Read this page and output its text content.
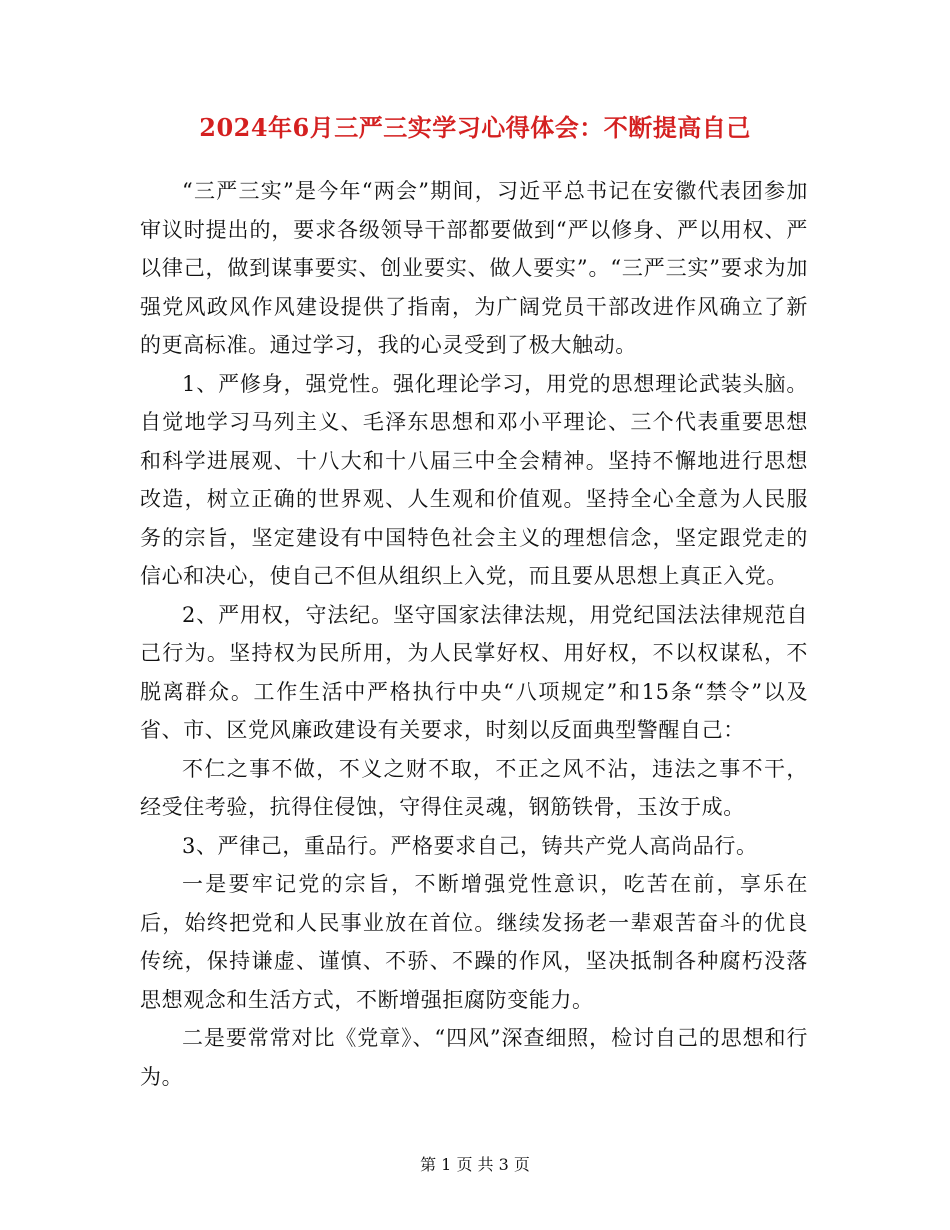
2024年6月三严三实学习心得体会：不断提高自己

“三严三实”是今年“两会”期间，习近平总书记在安徽代表团参加审议时提出的，要求各级领导干部都要做到“严以修身、严以用权、严以律己，做到谋事要实、创业要实、做人要实”。“三严三实”要求为加强党风政风作风建设提供了指南，为广阔党员干部改进作风确立了新的更高标准。通过学习，我的心灵受到了极大触动。

1、严修身，强党性。强化理论学习，用党的思想理论武装头脑。自觉地学习马列主义、毛泽东思想和邓小平理论、三个代表重要思想和科学进展观、十八大和十八届三中全会精神。坚持不懈地进行思想改造，树立正确的世界观、人生观和价值观。坚持全心全意为人民服务的宗旨，坚定建设有中国特色社会主义的理想信念，坚定跟党走的信心和决心，使自己不但从组织上入党，而且要从思想上真正入党。

2、严用权，守法纪。坚守国家法律法规，用党纪国法法律规范自己行为。坚持权为民所用，为人民掌好权、用好权，不以权谋私，不脱离群众。工作生活中严格执行中央“八项规定”和15条“禁令”以及省、市、区党风廉政建设有关要求，时刻以反面典型警醒自己：

不仁之事不做，不义之财不取，不正之风不沾，违法之事不干，经受住考验，抗得住侵蚀，守得住灵魂，钢筋铁骨，玉汝于成。

3、严律己，重品行。严格要求自己，铸共产党人高尚品行。

一是要牢记党的宗旨，不断增强党性意识，吃苦在前，享乐在后，始终把党和人民事业放在首位。继续发扬老一辈艰苦奋斗的优良传统，保持谦虚、谨慎、不骄、不躁的作风，坚决抵制各种腐朽没落思想观念和生活方式，不断增强拒腐防变能力。

二是要常常对比《党章》、“四风”深查细照，检讨自己的思想和行为。

第 1 页 共 3 页
